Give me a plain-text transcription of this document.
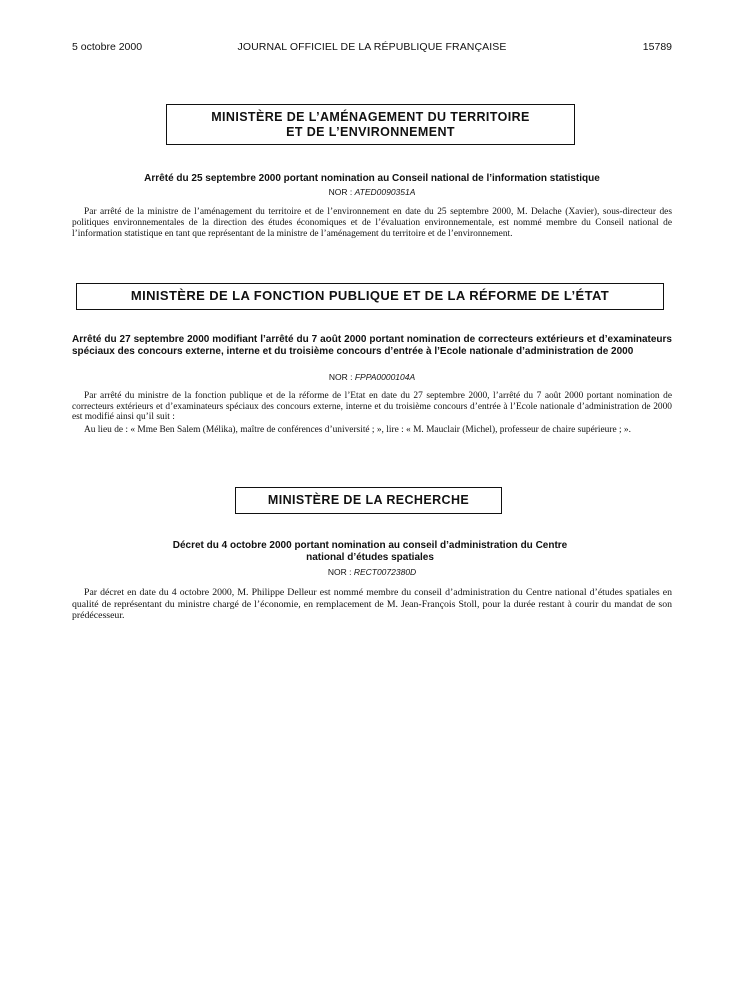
5 octobre 2000	JOURNAL OFFICIEL DE LA RÉPUBLIQUE FRANÇAISE	15789
MINISTÈRE DE L’AMÉNAGEMENT DU TERRITOIRE
ET DE L’ENVIRONNEMENT
Arrêté du 25 septembre 2000 portant nomination au Conseil national de l’information statistique
NOR : ATED0090351A
Par arrêté de la ministre de l’aménagement du territoire et de l’environnement en date du 25 septembre 2000, M. Delache (Xavier), sous-directeur des politiques environnementales de la direction des études économiques et de l’évaluation environnementale, est nommé membre du Conseil national de l’information statistique en tant que représentant de la ministre de l’aménagement du territoire et de l’environnement.
MINISTÈRE DE LA FONCTION PUBLIQUE ET DE LA RÉFORME DE L’ÉTAT
Arrêté du 27 septembre 2000 modifiant l’arrêté du 7 août 2000 portant nomination de correcteurs extérieurs et d’examinateurs spéciaux des concours externe, interne et du troisième concours d’entrée à l’Ecole nationale d’administration de 2000
NOR : FPPA0000104A
Par arrêté du ministre de la fonction publique et de la réforme de l’Etat en date du 27 septembre 2000, l’arrêté du 7 août 2000 portant nomination de correcteurs extérieurs et d’examinateurs spéciaux des concours externe, interne et du troisième concours d’entrée à l’Ecole nationale d’administration de 2000 est modifié ainsi qu’il suit :
Au lieu de : « Mme Ben Salem (Mélika), maître de conférences d’université ; », lire : « M. Mauclair (Michel), professeur de chaire supérieure ; ».
MINISTÈRE DE LA RECHERCHE
Décret du 4 octobre 2000 portant nomination au conseil d’administration du Centre national d’études spatiales
NOR : RECT0072380D
Par décret en date du 4 octobre 2000, M. Philippe Delleur est nommé membre du conseil d’administration du Centre national d’études spatiales en qualité de représentant du ministre chargé de l’économie, en remplacement de M. Jean-François Stoll, pour la durée restant à courir du mandat de son prédécesseur.
